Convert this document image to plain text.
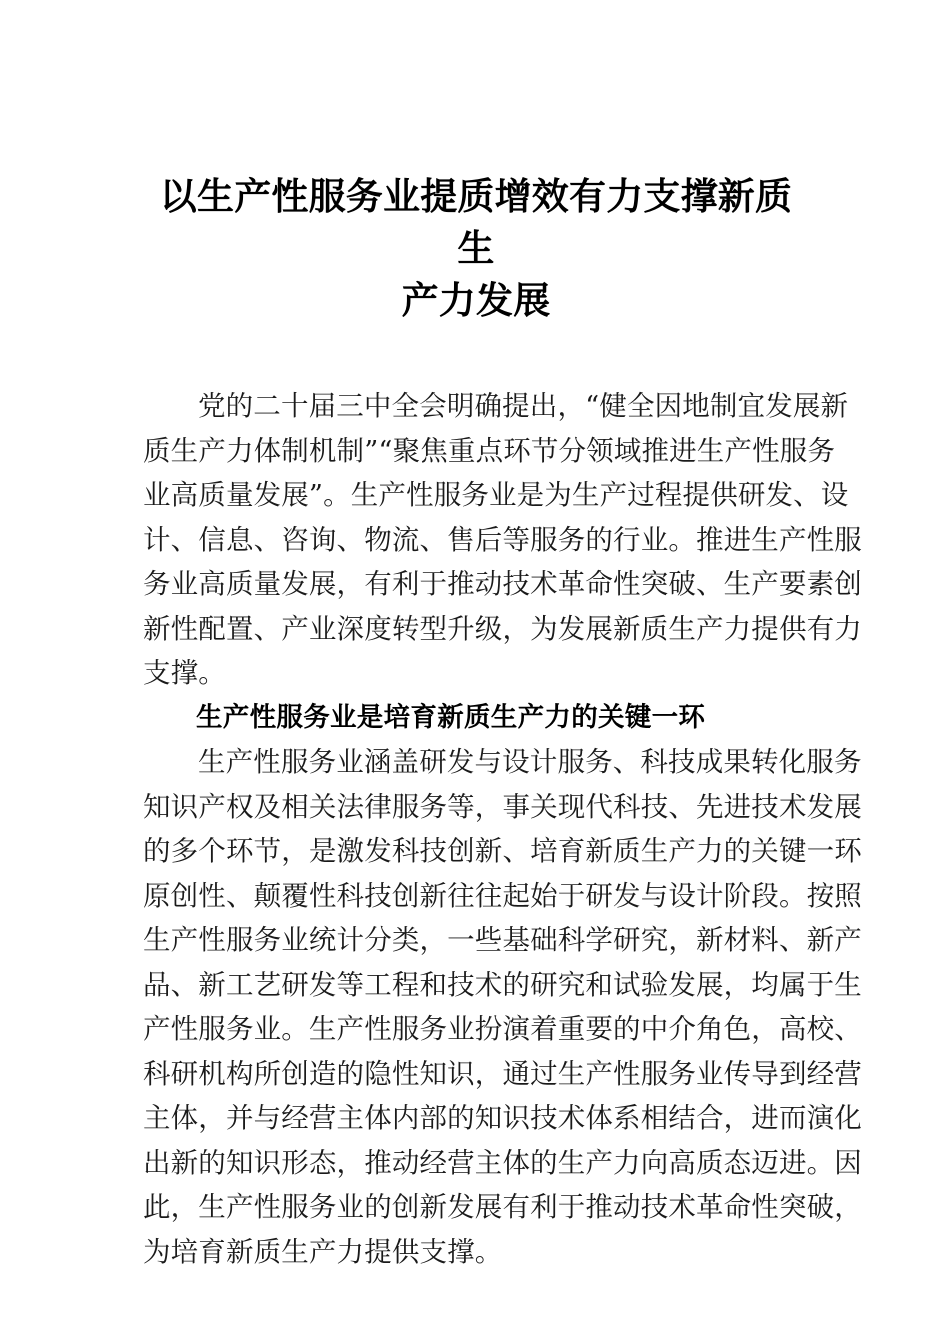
以生产性服务业提质增效有力支撑新质生
产力发展
党的二十届三中全会明确提出，“健全因地制宜发展新
质生产力体制机制”“聚焦重点环节分领域推进生产性服务
业高质量发展”。生产性服务业是为生产过程提供研发、设
计、信息、咨询、物流、售后等服务的行业。推进生产性服
务业高质量发展，有利于推动技术革命性突破、生产要素创
新性配置、产业深度转型升级，为发展新质生产力提供有力
支撑。
生产性服务业是培育新质生产力的关键一环
生产性服务业涵盖研发与设计服务、科技成果转化服务
知识产权及相关法律服务等，事关现代科技、先进技术发展
的多个环节，是激发科技创新、培育新质生产力的关键一环
原创性、颠覆性科技创新往往起始于研发与设计阶段。按照
生产性服务业统计分类，一些基础科学研究，新材料、新产
品、新工艺研发等工程和技术的研究和试验发展，均属于生
产性服务业。生产性服务业扮演着重要的中介角色，高校、
科研机构所创造的隐性知识，通过生产性服务业传导到经营
主体，并与经营主体内部的知识技术体系相结合，进而演化
出新的知识形态，推动经营主体的生产力向高质态迈进。因
此，生产性服务业的创新发展有利于推动技术革命性突破，
为培育新质生产力提供支撑。
